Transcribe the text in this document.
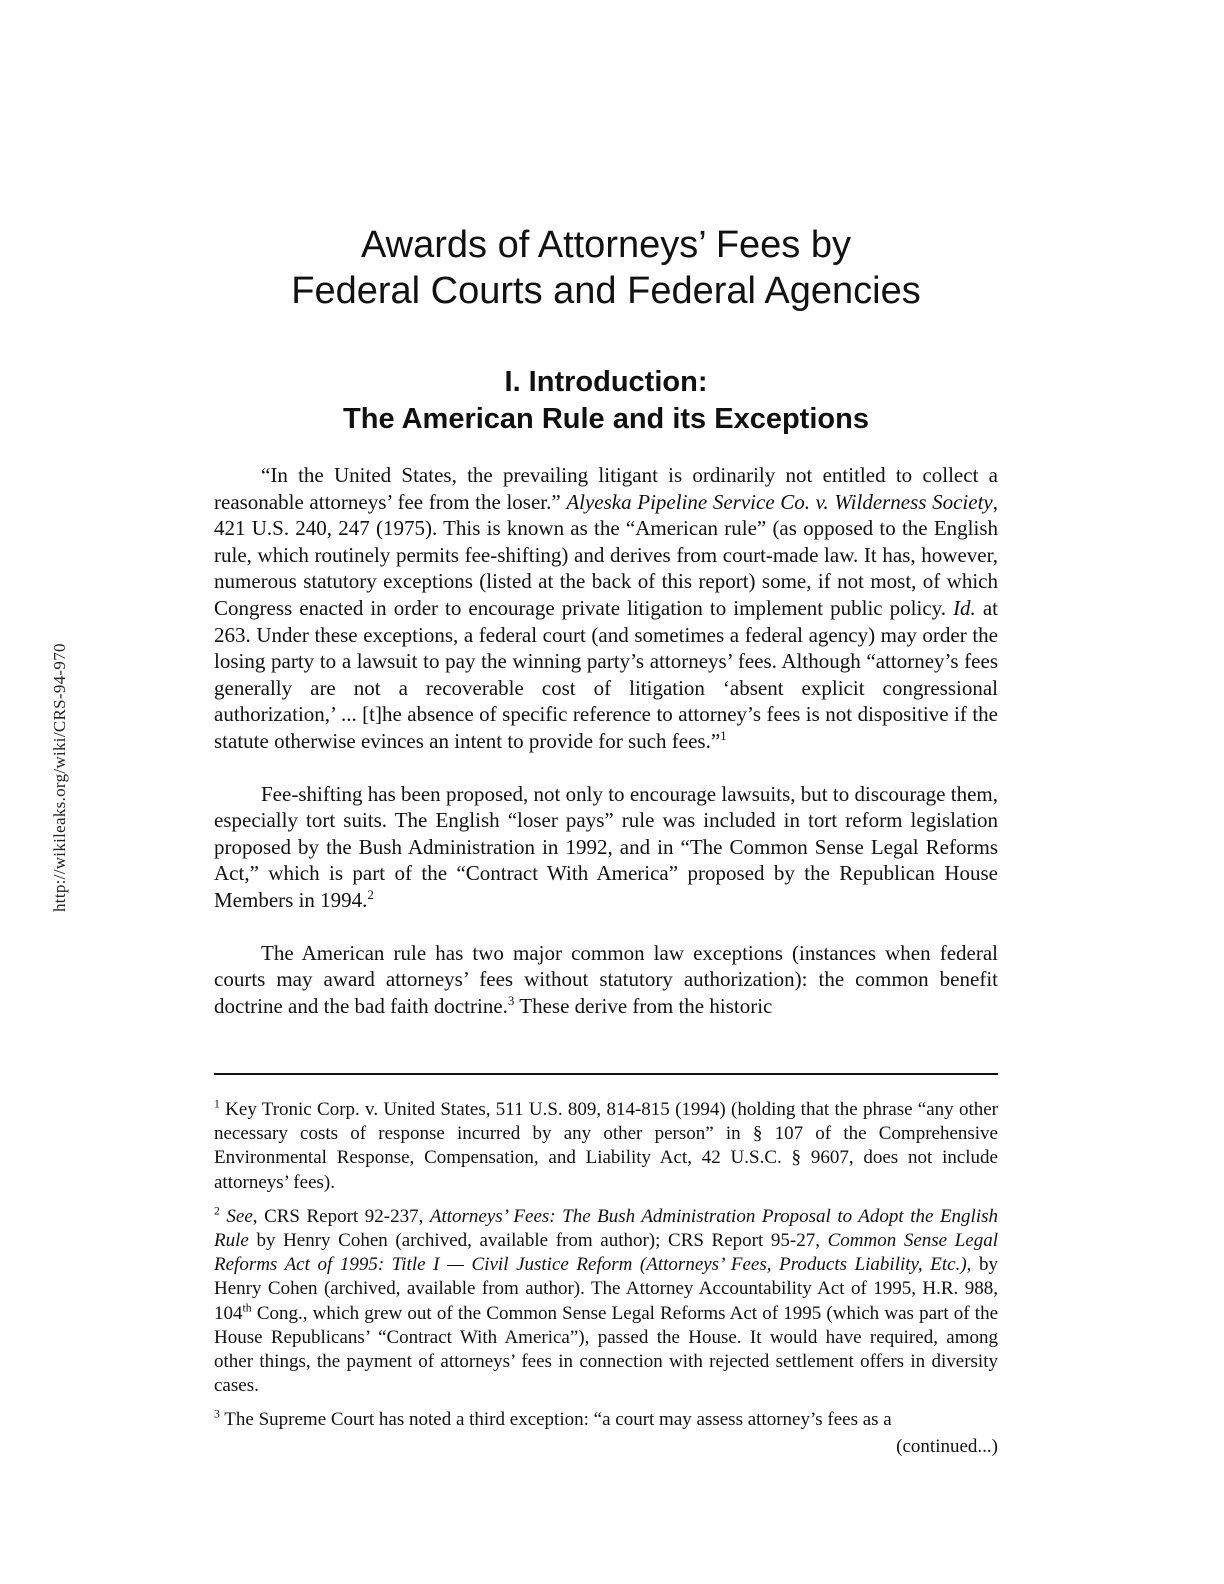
http://wikileaks.org/wiki/CRS-94-970
Awards of Attorneys’ Fees by
Federal Courts and Federal Agencies
I. Introduction:
The American Rule and its Exceptions

“In the United States, the prevailing litigant is ordinarily not entitled to collect a reasonable attorneys’ fee from the loser.” Alyeska Pipeline Service Co. v. Wilderness Society, 421 U.S. 240, 247 (1975). This is known as the “American rule” (as opposed to the English rule, which routinely permits fee-shifting) and derives from court-made law. It has, however, numerous statutory exceptions (listed at the back of this report) some, if not most, of which Congress enacted in order to encourage private litigation to implement public policy. Id. at 263. Under these exceptions, a federal court (and sometimes a federal agency) may order the losing party to a lawsuit to pay the winning party’s attorneys’ fees. Although “attorney’s fees generally are not a recoverable cost of litigation ‘absent explicit congressional authorization,’ ... [t]he absence of specific reference to attorney’s fees is not dispositive if the statute otherwise evinces an intent to provide for such fees.”$^1$

Fee-shifting has been proposed, not only to encourage lawsuits, but to discourage them, especially tort suits. The English “loser pays” rule was included in tort reform legislation proposed by the Bush Administration in 1992, and in “The Common Sense Legal Reforms Act,” which is part of the “Contract With America” proposed by the Republican House Members in 1994.$^2$

The American rule has two major common law exceptions (instances when federal courts may award attorneys’ fees without statutory authorization): the common benefit doctrine and the bad faith doctrine.$^3$ These derive from the historic

$^1$ Key Tronic Corp. v. United States, 511 U.S. 809, 814-815 (1994) (holding that the phrase “any other necessary costs of response incurred by any other person” in § 107 of the Comprehensive Environmental Response, Compensation, and Liability Act, 42 U.S.C. § 9607, does not include attorneys’ fees).

$^2$ See, CRS Report 92-237, Attorneys’ Fees: The Bush Administration Proposal to Adopt the English Rule by Henry Cohen (archived, available from author); CRS Report 95-27, Common Sense Legal Reforms Act of 1995: Title I — Civil Justice Reform (Attorneys’ Fees, Products Liability, Etc.), by Henry Cohen (archived, available from author). The Attorney Accountability Act of 1995, H.R. 988, 104th Cong., which grew out of the Common Sense Legal Reforms Act of 1995 (which was part of the House Republicans’ “Contract With America”), passed the House. It would have required, among other things, the payment of attorneys’ fees in connection with rejected settlement offers in diversity cases.

$^3$ The Supreme Court has noted a third exception: “a court may assess attorney’s fees as a

(continued...)
